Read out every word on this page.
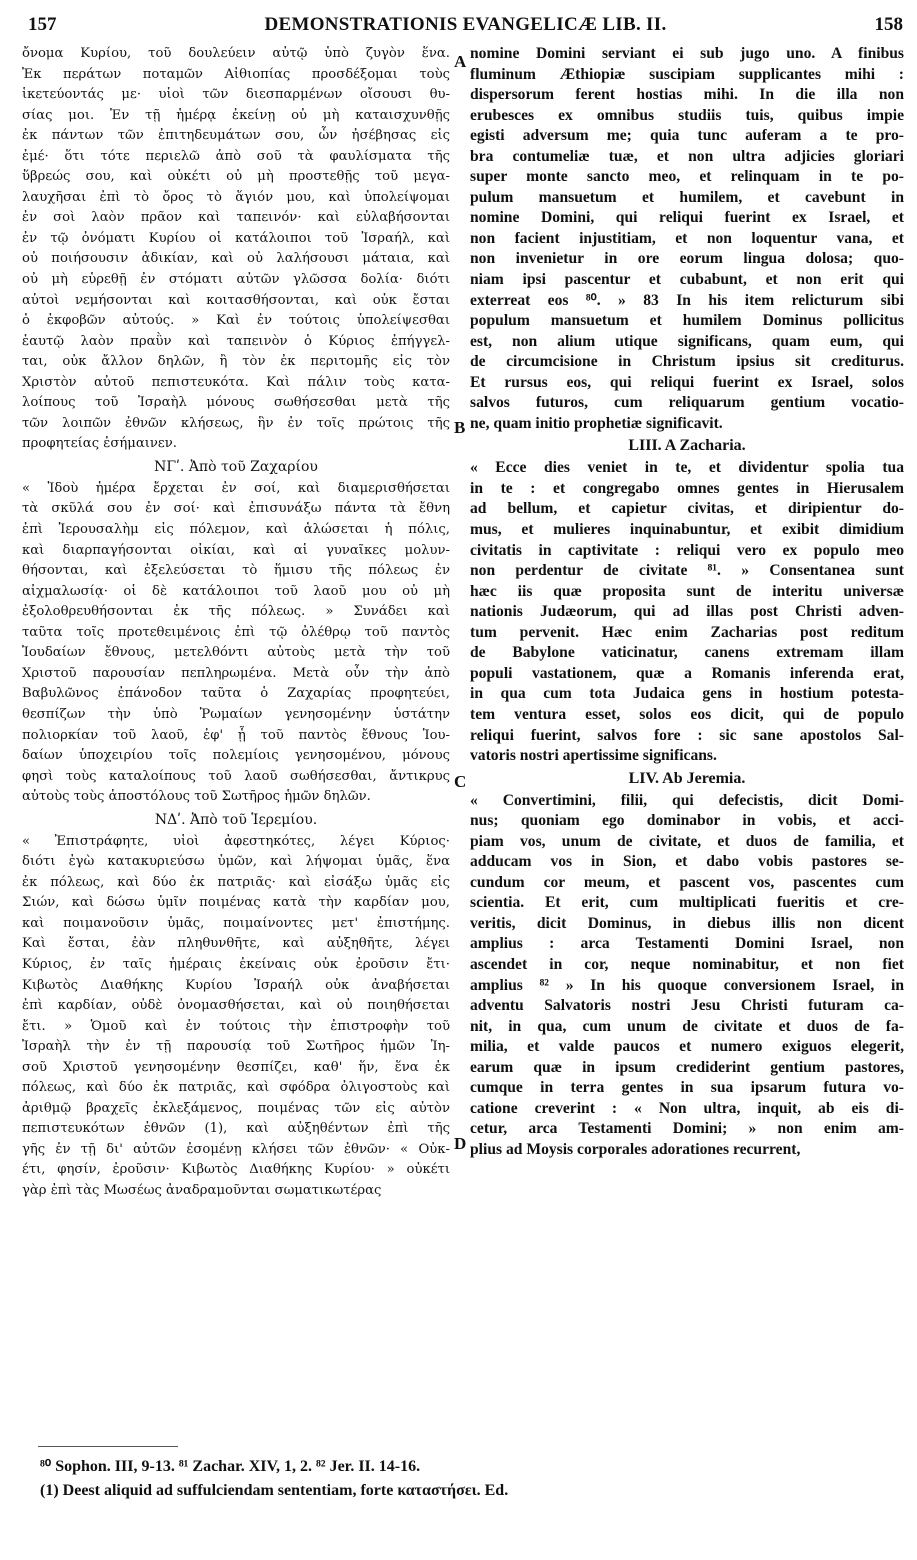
157	DEMONSTRATIONIS EVANGELICÆ LIB. II.	158
ὄνομα Κυρίου, τοῦ δουλεύειν αὐτῷ ὑπὸ ζυγὸν ἕνα.
Ἐκ περάτων ποταμῶν Αἰθιοπίας προσδέξομαι τοὺς
ἱκετεύοντάς με· υἱοὶ τῶν διεσπαρμένων οἴσουσι θυ-
σίας μοι. Ἐν τῇ ἡμέρᾳ ἐκείνῃ οὐ μὴ καταισχυνθῇς
ἐκ πάντων τῶν ἐπιτηδευμάτων σου, ὧν ἠσέβησας εἰς
ἐμέ· ὅτι τότε περιελῶ ἀπὸ σοῦ τὰ φαυλίσματα τῆς
ὕβρεώς σου, καὶ οὐκέτι οὐ μὴ προστεθῇς τοῦ μεγα-
λαυχῆσαι ἐπὶ τὸ ὄρος τὸ ἅγιόν μου, καὶ ὑπολείψομαι
ἐν σοὶ λαὸν πρᾶον καὶ ταπεινόν· καὶ εὐλαβήσονται
ἐν τῷ ὀνόματι Κυρίου οἱ κατάλοιποι τοῦ Ἰσραήλ, καὶ
οὐ ποιήσουσιν ἀδικίαν, καὶ οὐ λαλήσουσι μάταια, καὶ
οὐ μὴ εὑρεθῇ ἐν στόματι αὐτῶν γλῶσσα δολία· διότι
αὐτοὶ νεμήσονται καὶ κοιτασθήσονται, καὶ οὐκ ἔσται
ὁ ἐκφοβῶν αὐτούς. » Καὶ ἐν τούτοις ὑπολείψεσθαι
ἑαυτῷ λαὸν πραῢν καὶ ταπεινὸν ὁ Κύριος ἐπήγγελ-
ται, οὐκ ἄλλον δηλῶν, ἢ τὸν ἐκ περιτομῆς εἰς τὸν
Χριστὸν αὐτοῦ πεπιστευκότα. Καὶ πάλιν τοὺς κατα-
λοίπους τοῦ Ἰσραὴλ μόνους σωθήσεσθαι μετὰ τῆς
τῶν λοιπῶν ἐθνῶν κλήσεως, ἣν ἐν τοῖς πρώτοις τῆς
προφητείας ἐσήμαινεν.
ΝΓʹ. Ἀπὸ τοῦ Ζαχαρίου
« Ἰδοὺ ἡμέρα ἔρχεται ἐν σοί, καὶ διαμερισθήσεται
τὰ σκῦλά σου ἐν σοί· καὶ ἐπισυνάξω πάντα τὰ ἔθνη
ἐπὶ Ἱερουσαλὴμ εἰς πόλεμον, καὶ ἁλώσεται ἡ πόλις,
καὶ διαρπαγήσονται οἰκίαι, καὶ αἱ γυναῖκες μολυν-
θήσονται, καὶ ἐξελεύσεται τὸ ἥμισυ τῆς πόλεως ἐν
αἰχμαλωσίᾳ· οἱ δὲ κατάλοιποι τοῦ λαοῦ μου οὐ μὴ
ἐξολοθρευθήσονται ἐκ τῆς πόλεως. » Συνάδει καὶ
ταῦτα τοῖς προτεθειμένοις ἐπὶ τῷ ὀλέθρῳ τοῦ παντὸς
Ἰουδαίων ἔθνους, μετελθόντι αὐτοὺς μετὰ τὴν τοῦ
Χριστοῦ παρουσίαν πεπληρωμένα. Μετὰ οὖν τὴν ἀπὸ
Βαβυλῶνος ἐπάνοδον ταῦτα ὁ Ζαχαρίας προφητεύει,
θεσπίζων τὴν ὑπὸ Ῥωμαίων γενησομένην ὑστάτην
πολιορκίαν τοῦ λαοῦ, ἐφ' ᾗ τοῦ παντὸς ἔθνους Ἰου-
δαίων ὑποχειρίου τοῖς πολεμίοις γενησομένου, μόνους
φησὶ τοὺς καταλοίπους τοῦ λαοῦ σωθήσεσθαι, ἄντικρυς
αὐτοὺς τοὺς ἀποστόλους τοῦ Σωτῆρος ἡμῶν δηλῶν.
ΝΔʹ. Ἀπὸ τοῦ Ἱερεμίου.
« Ἐπιστράφητε, υἱοὶ ἀφεστηκότες, λέγει Κύριος·
διότι ἐγὼ κατακυριεύσω ὑμῶν, καὶ λήψομαι ὑμᾶς, ἕνα
ἐκ πόλεως, καὶ δύο ἐκ πατριᾶς· καὶ εἰσάξω ὑμᾶς εἰς
Σιών, καὶ δώσω ὑμῖν ποιμένας κατὰ τὴν καρδίαν μου,
καὶ ποιμανοῦσιν ὑμᾶς, ποιμαίνοντες μετ' ἐπιστήμης.
Καὶ ἔσται, ἐὰν πληθυνθῆτε, καὶ αὐξηθῆτε, λέγει
Κύριος, ἐν ταῖς ἡμέραις ἐκείναις οὐκ ἐροῦσιν ἔτι·
Κιβωτὸς Διαθήκης Κυρίου Ἰσραήλ οὐκ ἀναβήσεται
ἐπὶ καρδίαν, οὐδὲ ὀνομασθήσεται, καὶ οὐ ποιηθήσεται
ἔτι. » Ὁμοῦ καὶ ἐν τούτοις τὴν ἐπιστροφὴν τοῦ
Ἰσραὴλ τὴν ἐν τῇ παρουσίᾳ τοῦ Σωτῆρος ἡμῶν Ἰη-
σοῦ Χριστοῦ γενησομένην θεσπίζει, καθ' ἥν, ἕνα ἐκ
πόλεως, καὶ δύο ἐκ πατριᾶς, καὶ σφόδρα ὀλιγοστοὺς καὶ
ἀριθμῷ βραχεῖς ἐκλεξάμενος, ποιμένας τῶν εἰς αὐτὸν
πεπιστευκότων ἐθνῶν (1), καὶ αὐξηθέντων ἐπὶ τῆς
γῆς ἐν τῇ δι' αὐτῶν ἐσομένῃ κλήσει τῶν ἐθνῶν· « Οὐκ-
έτι, φησίν, ἐροῦσιν· Κιβωτὸς Διαθήκης Κυρίου· » οὐκέτι
γὰρ ἐπὶ τὰς Μωσέως ἀναδραμοῦνται σωματικωτέρας
nomine Domini serviant ei sub jugo uno. A finibus
fluminum Æthiopiæ suscipiam supplicantes mihi :
dispersorum ferent hostias mihi. In die illa non
erubesces ex omnibus studiis tuis, quibus impie
egisti adversum me; quia tunc auferam a te pro-
bra contumeliæ tuæ, et non ultra adjicies gloriari
super monte sancto meo, et relinquam in te po-
pulum mansuetum et humilem, et cavebunt in
nomine Domini, qui reliqui fuerint ex Israel, et
non facient injustitiam, et non loquentur vana, et
non invenietur in ore eorum lingua dolosa; quo-
niam ipsi pascentur et cubabunt, et non erit qui
exterreat eos ⁸⁰. » 83 In his item relicturum sibi
populum mansuetum et humilem Dominus pollicitus
est, non alium utique significans, quam eum, qui
de circumcisione in Christum ipsius sit crediturus.
Et rursus eos, qui reliqui fuerint ex Israel, solos
salvos futuros, cum reliquarum gentium vocatio-
ne, quam initio prophetiæ significavit.
LIII. A Zacharia.
« Ecce dies veniet in te, et dividentur spolia tua
in te : et congregabo omnes gentes in Hierusalem
ad bellum, et capietur civitas, et diripientur do-
mus, et mulieres inquinabuntur, et exibit dimidium
civitatis in captivitate : reliqui vero ex populo meo
non perdentur de civitate ⁸¹. » Consentanea sunt
hæc iis quæ proposita sunt de interitu universæ
nationis Judæorum, qui ad illas post Christi adven-
tum pervenit. Hæc enim Zacharias post reditum
de Babylone vaticinatur, canens extremam illam
populi vastationem, quæ a Romanis inferenda erat,
in qua cum tota Judaica gens in hostium potesta-
tem ventura esset, solos eos dicit, qui de populo
reliqui fuerint, salvos fore : sic sane apostolos Sal-
vatoris nostri apertissime significans.
LIV. Ab Jeremia.
« Convertimini, filii, qui defecistis, dicit Domi-
nus; quoniam ego dominabor in vobis, et acci-
piam vos, unum de civitate, et duos de familia, et
adducam vos in Sion, et dabo vobis pastores se-
cundum cor meum, et pascent vos, pascentes cum
scientia. Et erit, cum multiplicati fueritis et cre-
veritis, dicit Dominus, in diebus illis non dicent
amplius : arca Testamenti Domini Israel, non
ascendet in cor, neque nominabitur, et non fiet
amplius ⁸² » In his quoque conversionem Israel, in
adventu Salvatoris nostri Jesu Christi futuram ca-
nit, in qua, cum unum de civitate et duos de fa-
milia, et valde paucos et numero exiguos elegerit,
earum quæ in ipsum crediderint gentium pastores,
cumque in terra gentes in sua ipsarum futura vo-
catione creverint : « Non ultra, inquit, ab eis di-
cetur, arca Testamenti Domini; » non enim am-
plius ad Moysis corporales adorationes recurrent,
A
B
C
D
⁸⁰ Sophon. III, 9-13. ⁸¹ Zachar. XIV, 1, 2. ⁸² Jer. II. 14-16.
(1) Deest aliquid ad suffulciendam sententiam, forte καταστήσει. Ed.
